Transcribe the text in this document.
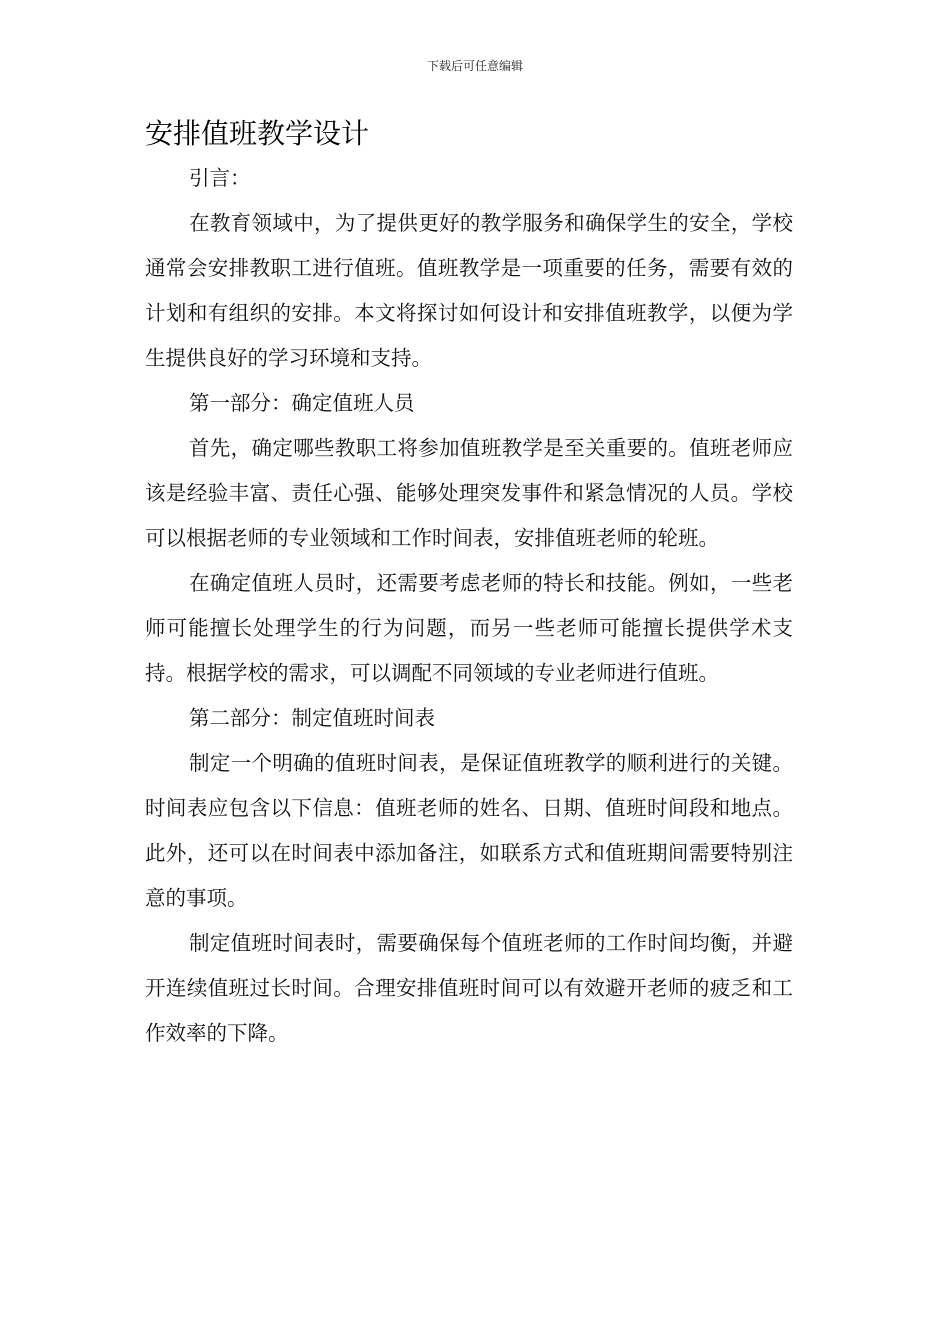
下载后可任意编辑
安排值班教学设计

引言：

在教育领域中，为了提供更好的教学服务和确保学生的安全，学校通常会安排教职工进行值班。值班教学是一项重要的任务，需要有效的计划和有组织的安排。本文将探讨如何设计和安排值班教学，以便为学生提供良好的学习环境和支持。

第一部分：确定值班人员

首先，确定哪些教职工将参加值班教学是至关重要的。值班老师应该是经验丰富、责任心强、能够处理突发事件和紧急情况的人员。学校可以根据老师的专业领域和工作时间表，安排值班老师的轮班。

在确定值班人员时，还需要考虑老师的特长和技能。例如，一些老师可能擅长处理学生的行为问题，而另一些老师可能擅长提供学术支持。根据学校的需求，可以调配不同领域的专业老师进行值班。

第二部分：制定值班时间表

制定一个明确的值班时间表，是保证值班教学的顺利进行的关键。时间表应包含以下信息：值班老师的姓名、日期、值班时间段和地点。此外，还可以在时间表中添加备注，如联系方式和值班期间需要特别注意的事项。

制定值班时间表时，需要确保每个值班老师的工作时间均衡，并避开连续值班过长时间。合理安排值班时间可以有效避开老师的疲乏和工作效率的下降。
